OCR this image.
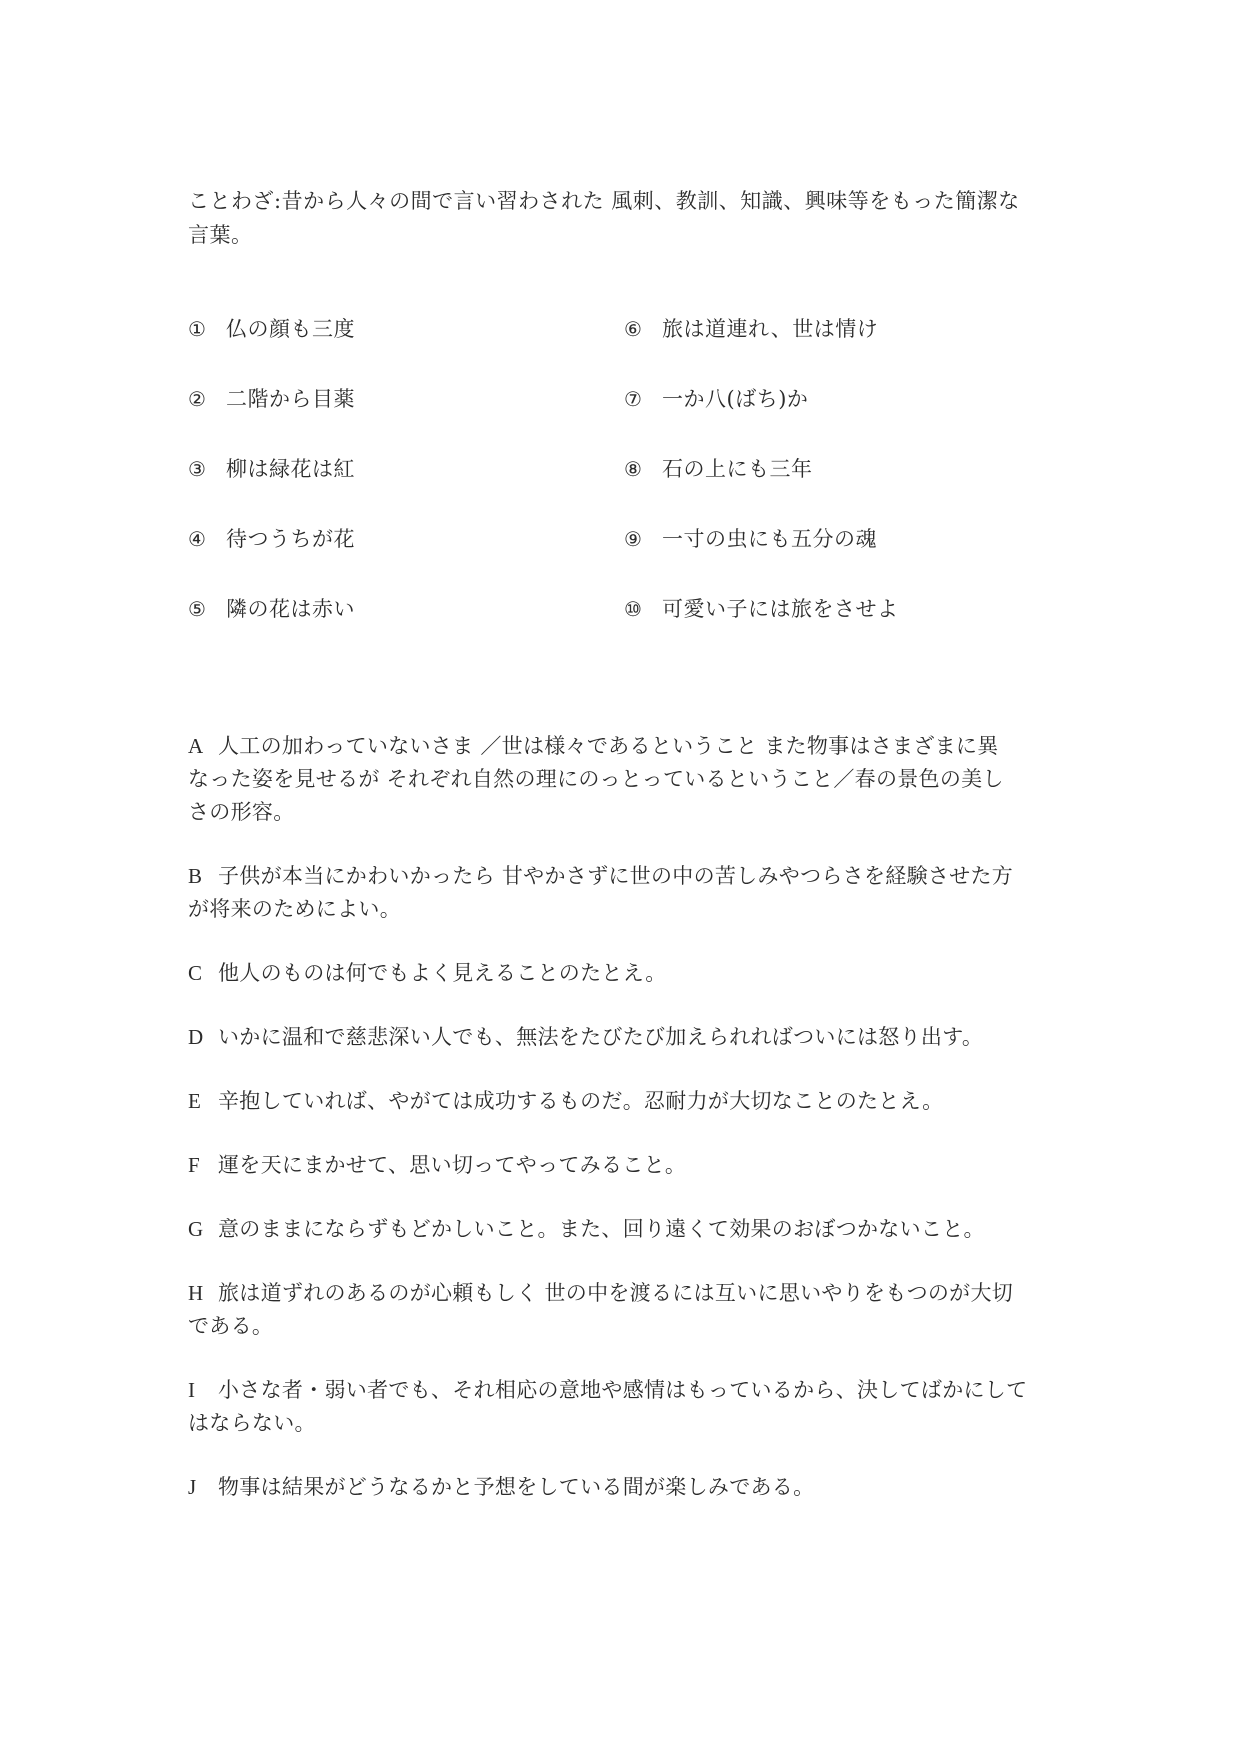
ことわざ:昔から人々の間で言い習わされた 風刺、教訓、知識、興味等をもった簡潔な
言葉。
① 仏の顔も三度
② 二階から目薬
③ 柳は緑花は紅
④ 待つうちが花
⑤ 隣の花は赤い
⑥ 旅は道連れ、世は情け
⑦ 一か八(ばち)か
⑧ 石の上にも三年
⑨ 一寸の虫にも五分の魂
⑩ 可愛い子には旅をさせよ
A 人工の加わっていないさま ／世は様々であるということ また物事はさまざまに異
なった姿を見せるが それぞれ自然の理にのっとっているということ／春の景色の美し
さの形容。
B 子供が本当にかわいかったら 甘やかさずに世の中の苦しみやつらさを経験させた方
が将来のためによい。
C 他人のものは何でもよく見えることのたとえ。
D いかに温和で慈悲深い人でも、無法をたびたび加えられればついには怒り出す。
E 辛抱していれば、やがては成功するものだ。忍耐力が大切なことのたとえ。
F 運を天にまかせて、思い切ってやってみること。
G 意のままにならずもどかしいこと。また、回り遠くて効果のおぼつかないこと。
H 旅は道ずれのあるのが心頼もしく 世の中を渡るには互いに思いやりをもつのが大切
である。
I 小さな者・弱い者でも、それ相応の意地や感情はもっているから、決してばかにして
はならない。
J 物事は結果がどうなるかと予想をしている間が楽しみである。
